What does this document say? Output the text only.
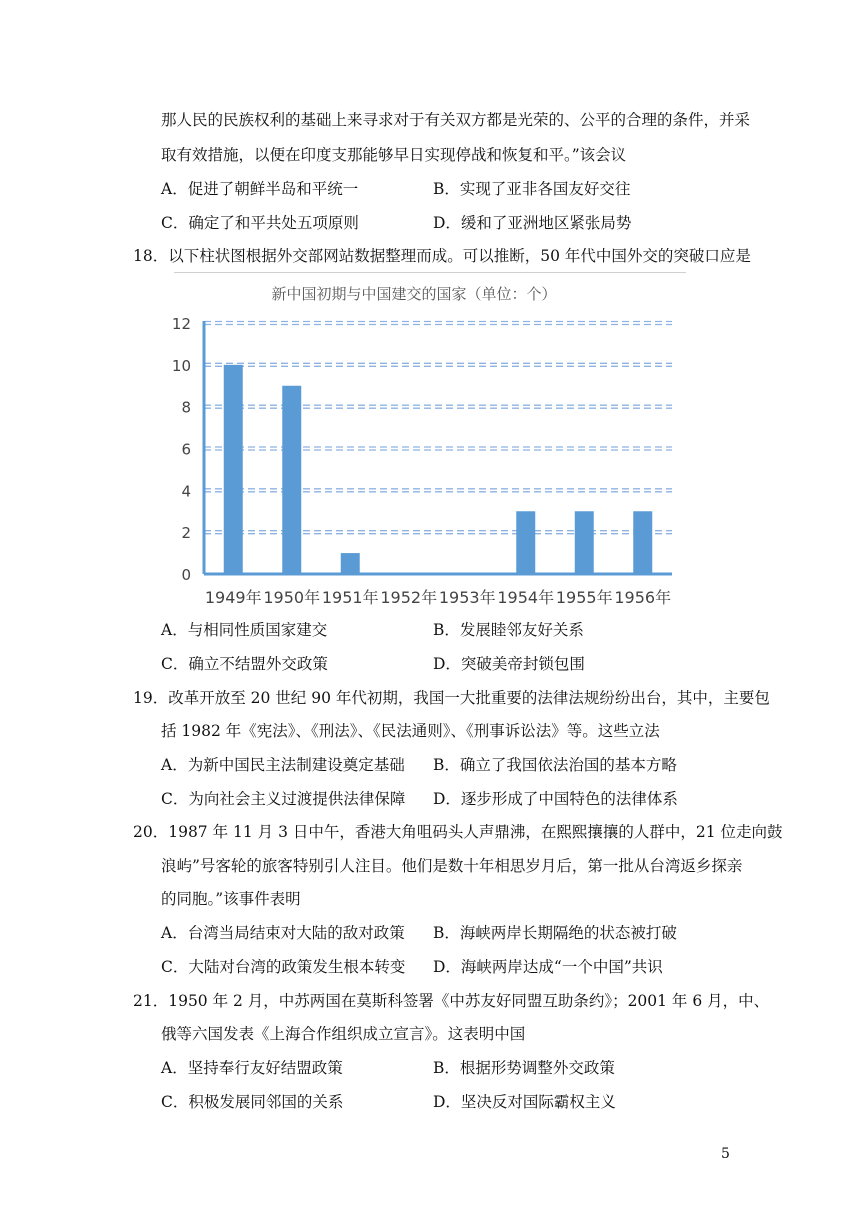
那人民的民族权利的基础上来寻求对于有关双方都是光荣的、公平的合理的条件，并采
取有效措施，以便在印度支那能够早日实现停战和恢复和平。”该会议
A．促进了朝鲜半岛和平统一	B．实现了亚非各国友好交往
C．确定了和平共处五项原则	D．缓和了亚洲地区紧张局势
18．以下柱状图根据外交部网站数据整理而成。可以推断，50 年代中国外交的突破口应是
新中国初期与中国建交的国家（单位：个）
0
2
4
6
8
10
12
1949年 1950年 1951年 1952年 1953年 1954年 1955年 1956年
A．与相同性质国家建交	B．发展睦邻友好关系
C．确立不结盟外交政策	D．突破美帝封锁包围
19．改革开放至 20 世纪 90 年代初期，我国一大批重要的法律法规纷纷出台，其中，主要包
括 1982 年《宪法》、《刑法》、《民法通则》、《刑事诉讼法》等。这些立法
A．为新中国民主法制建设奠定基础 B．确立了我国依法治国的基本方略
C．为向社会主义过渡提供法律保障 D．逐步形成了中国特色的法律体系
20．1987 年 11 月 3 日中午，香港大角咀码头人声鼎沸，在熙熙攘攘的人群中，21 位走向鼓
浪屿”号客轮的旅客特别引人注目。他们是数十年相思岁月后，第一批从台湾返乡探亲
的同胞。”该事件表明
A．台湾当局结束对大陆的敌对政策 B．海峡两岸长期隔绝的状态被打破
C．大陆对台湾的政策发生根本转变 D．海峡两岸达成“一个中国”共识
21．1950 年 2 月，中苏两国在莫斯科签署《中苏友好同盟互助条约》；2001 年 6 月，中、
俄等六国发表《上海合作组织成立宣言》。这表明中国
A．坚持奉行友好结盟政策	B．根据形势调整外交政策
C．积极发展同邻国的关系	D．坚决反对国际霸权主义
5
